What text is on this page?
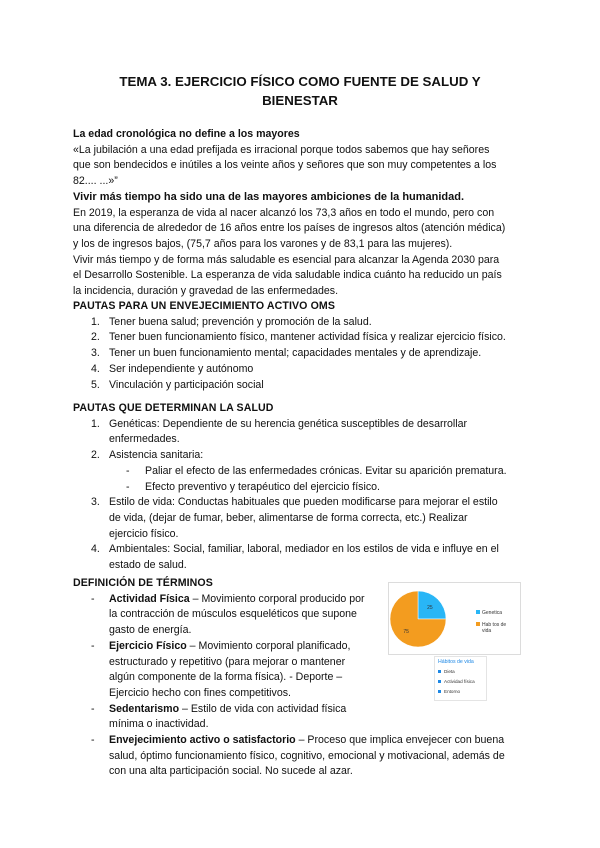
TEMA 3. EJERCICIO FÍSICO COMO FUENTE DE SALUD Y
BIENESTAR
La edad cronológica no define a los mayores
«La jubilación a una edad prefijada es irracional porque todos sabemos que hay señores
que son bendecidos e inútiles a los veinte años y señores que son muy competentes a los
82.... ...»”
Vivir más tiempo ha sido una de las mayores ambiciones de la humanidad.
En 2019, la esperanza de vida al nacer alcanzó los 73,3 años en todo el mundo, pero con
una diferencia de alrededor de 16 años entre los países de ingresos altos (atención médica)
y los de ingresos bajos, (75,7 años para los varones y de 83,1 para las mujeres).
Vivir más tiempo y de forma más saludable es esencial para alcanzar la Agenda 2030 para
el Desarrollo Sostenible. La esperanza de vida saludable indica cuánto ha reducido un país
la incidencia, duración y gravedad de las enfermedades.
PAUTAS PARA UN ENVEJECIMIENTO ACTIVO OMS
1. Tener buena salud; prevención y promoción de la salud.
2. Tener buen funcionamiento físico, mantener actividad física y realizar ejercicio físico.
3. Tener un buen funcionamiento mental; capacidades mentales y de aprendizaje.
4. Ser independiente y autónomo
5. Vinculación y participación social
PAUTAS QUE DETERMINAN LA SALUD
1. Genéticas: Dependiente de su herencia genética susceptibles de desarrollar
enfermedades.
2. Asistencia sanitaria:
- Paliar el efecto de las enfermedades crónicas. Evitar su aparición prematura.
- Efecto preventivo y terapéutico del ejercicio físico.
3. Estilo de vida: Conductas habituales que pueden modificarse para mejorar el estilo
de vida, (dejar de fumar, beber, alimentarse de forma correcta, etc.) Realizar
ejercicio físico.
4. Ambientales: Social, familiar, laboral, mediador en los estilos de vida e influye en el
estado de salud.
DEFINICIÓN DE TÉRMINOS
- Actividad Física – Movimiento corporal producido por
la contracción de músculos esqueléticos que supone
gasto de energía.
- Ejercicio Físico – Movimiento corporal planificado,
estructurado y repetitivo (para mejorar o mantener
algún componente de la forma física). - Deporte –
Ejercicio hecho con fines competitivos.
- Sedentarismo – Estilo de vida con actividad física
mínima o inactividad.
- Envejecimiento activo o satisfactorio – Proceso que implica envejecer con buena
salud, óptimo funcionamiento físico, cognitivo, emocional y motivacional, además de
con una alta participación social. No sucede al azar.
25
75
Genetica
Hab tos de
vida
Hábitos de vida
Dieta
Actividad física
Entorno
